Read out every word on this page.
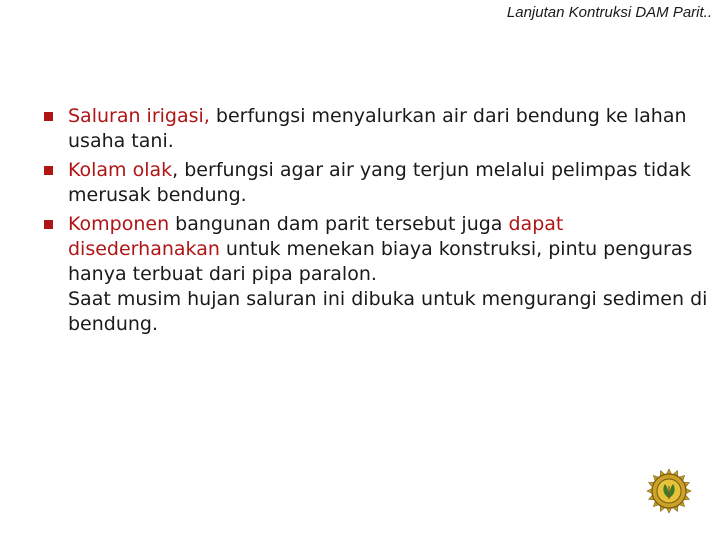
Lanjutan Kontruksi DAM Parit..
Saluran irigasi, berfungsi menyalurkan air dari bendung ke lahan usaha tani.
Kolam olak, berfungsi agar air yang terjun melalui pelimpas tidak merusak bendung.
Komponen bangunan dam parit tersebut juga dapat disederhanakan untuk menekan biaya konstruksi, pintu penguras hanya terbuat dari pipa paralon.
Saat musim hujan saluran ini dibuka untuk mengurangi sedimen di bendung.
